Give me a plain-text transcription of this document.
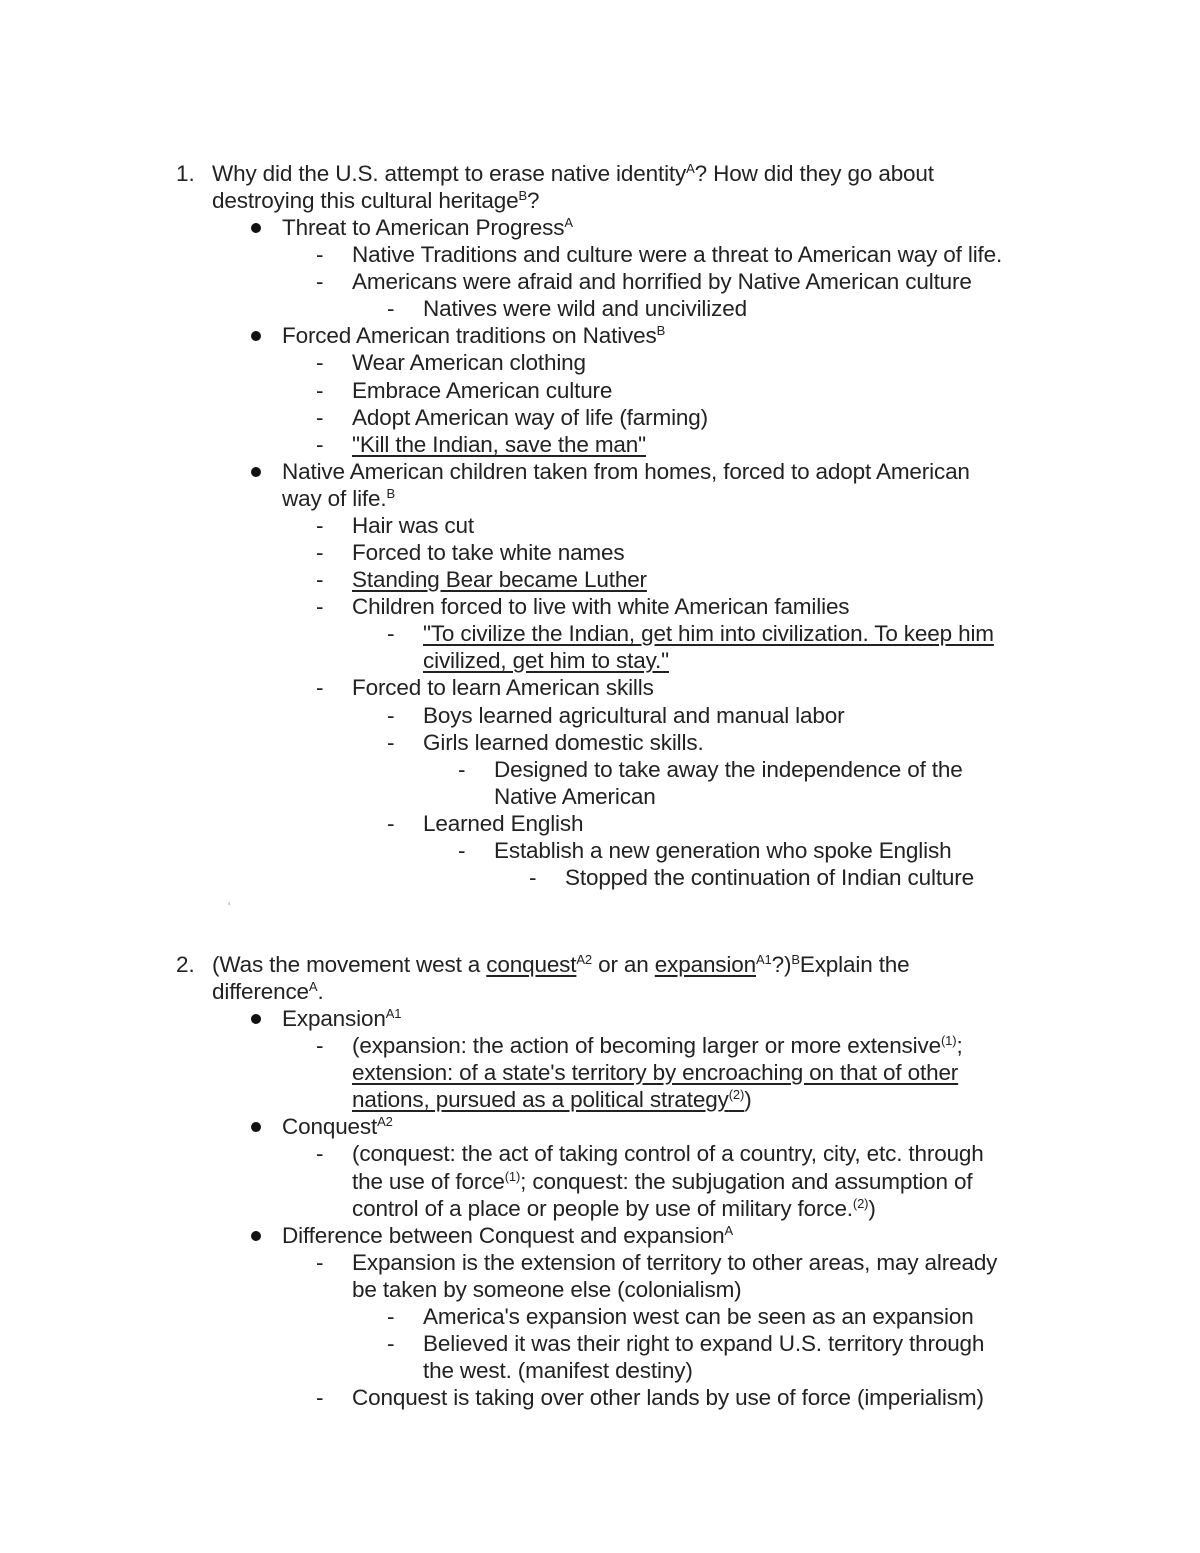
1. Why did the U.S. attempt to erase native identity$^A$? How did they go about
destroying this cultural heritage$^B$?
Threat to American Progress$^A$
- Native Traditions and culture were a threat to American way of life.
- Americans were afraid and horrified by Native American culture
- Natives were wild and uncivilized
Forced American traditions on Natives$^B$
- Wear American clothing
- Embrace American culture
- Adopt American way of life (farming)
- "Kill the Indian, save the man"
Native American children taken from homes, forced to adopt American
way of life.$^B$
- Hair was cut
- Forced to take white names
- Standing Bear became Luther
- Children forced to live with white American families
- "To civilize the Indian, get him into civilization. To keep him
civilized, get him to stay."
- Forced to learn American skills
- Boys learned agricultural and manual labor
- Girls learned domestic skills.
- Designed to take away the independence of the
Native American
- Learned English
- Establish a new generation who spoke English
- Stopped the continuation of Indian culture
'
2. (Was the movement west a conquest$^{A2}$ or an expansion$^{A1}$?)$^B$Explain the
difference$^A$.
Expansion$^{A1}$
- (expansion: the action of becoming larger or more extensive$^{(1)}$;
extension: of a state's territory by encroaching on that of other
nations, pursued as a political strategy$^{(2)}$)
Conquest$^{A2}$
- (conquest: the act of taking control of a country, city, etc. through
the use of force$^{(1)}$; conquest: the subjugation and assumption of
control of a place or people by use of military force.$^{(2)}$)
Difference between Conquest and expansion$^A$
- Expansion is the extension of territory to other areas, may already
be taken by someone else (colonialism)
- America's expansion west can be seen as an expansion
- Believed it was their right to expand U.S. territory through
the west. (manifest destiny)
- Conquest is taking over other lands by use of force (imperialism)
